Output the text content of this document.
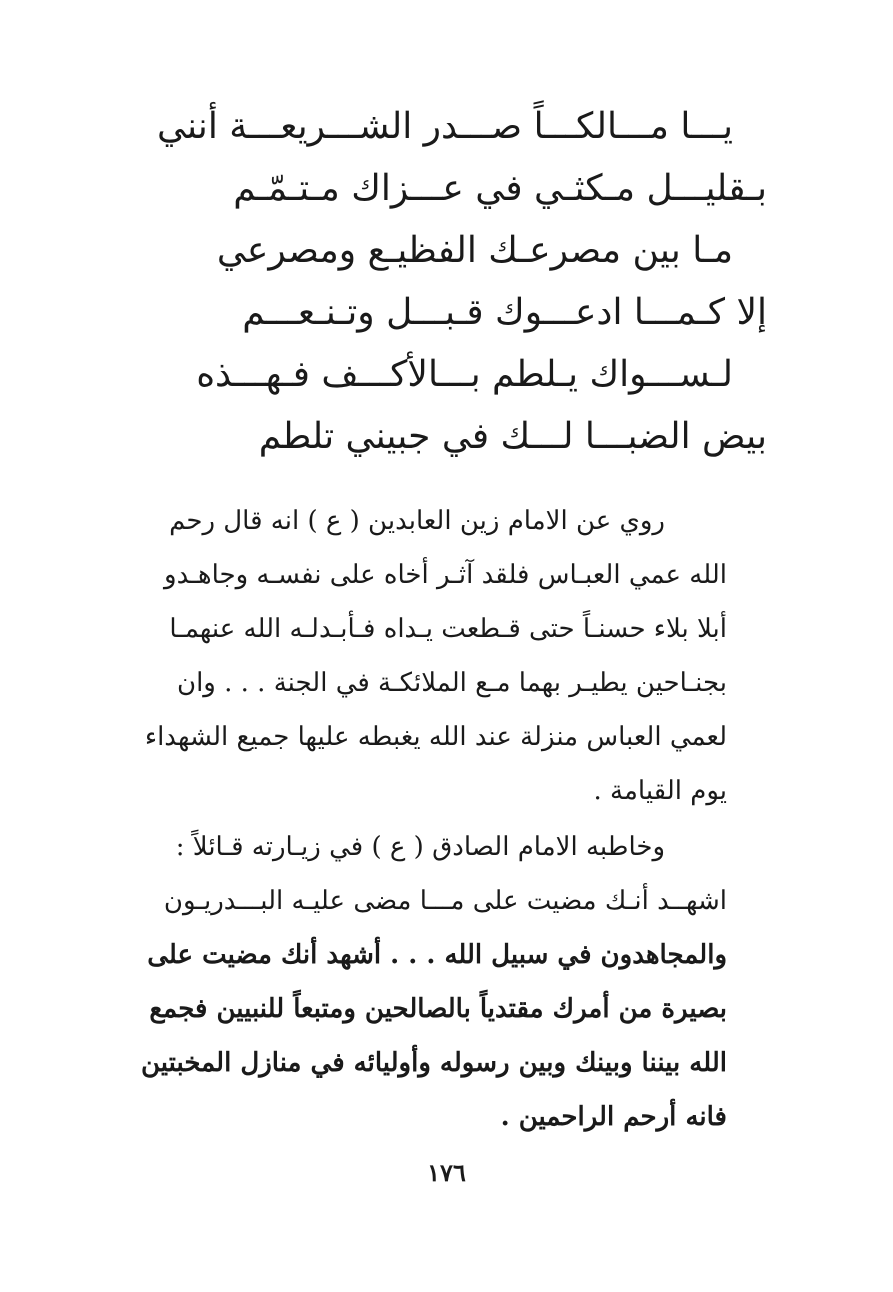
يـــا مـــالكـــاً صـــدر الشـــريعـــة أنني
بـقليـــل مـكثـي في عـــزاك مـتـمّـم
مـا بين مصرعـك الفظيـع ومصرعي
إلا كـمـــا ادعـــوك قـبـــل وتـنـعـــم
لـســـواك يـلطم بـــالأكـــف فـهـــذه
بيض الضبـــا لـــك في جبيني تلطم
روي عن الامام زين العابدين ( ع ) انه قال رحم
الله عمي العبـاس فلقد آثـر أخاه على نفسـه وجاهـدو
أبلا بلاء حسنـاً حتى قـطعت يـداه فـأبـدلـه الله عنهمـا
بجنـاحين يطيـر بهما مـع الملائكـة في الجنة . . . وان
لعمي العباس منزلة عند الله يغبطه عليها جميع الشهداء
يوم القيامة .
وخاطبه الامام الصادق ( ع ) في زيـارته قـائلاً :
اشهــد أنـك مضيت على مـــا مضى عليـه البـــدريـون
والمجاهدون في سبيل الله . . . أشهد أنك مضيت على
بصيرة من أمرك مقتدياً بالصالحين ومتبعاً للنبيين فجمع
الله بيننا وبينك وبين رسوله وأوليائه في منازل المخبتين
فانه أرحم الراحمين .
١٧٦
